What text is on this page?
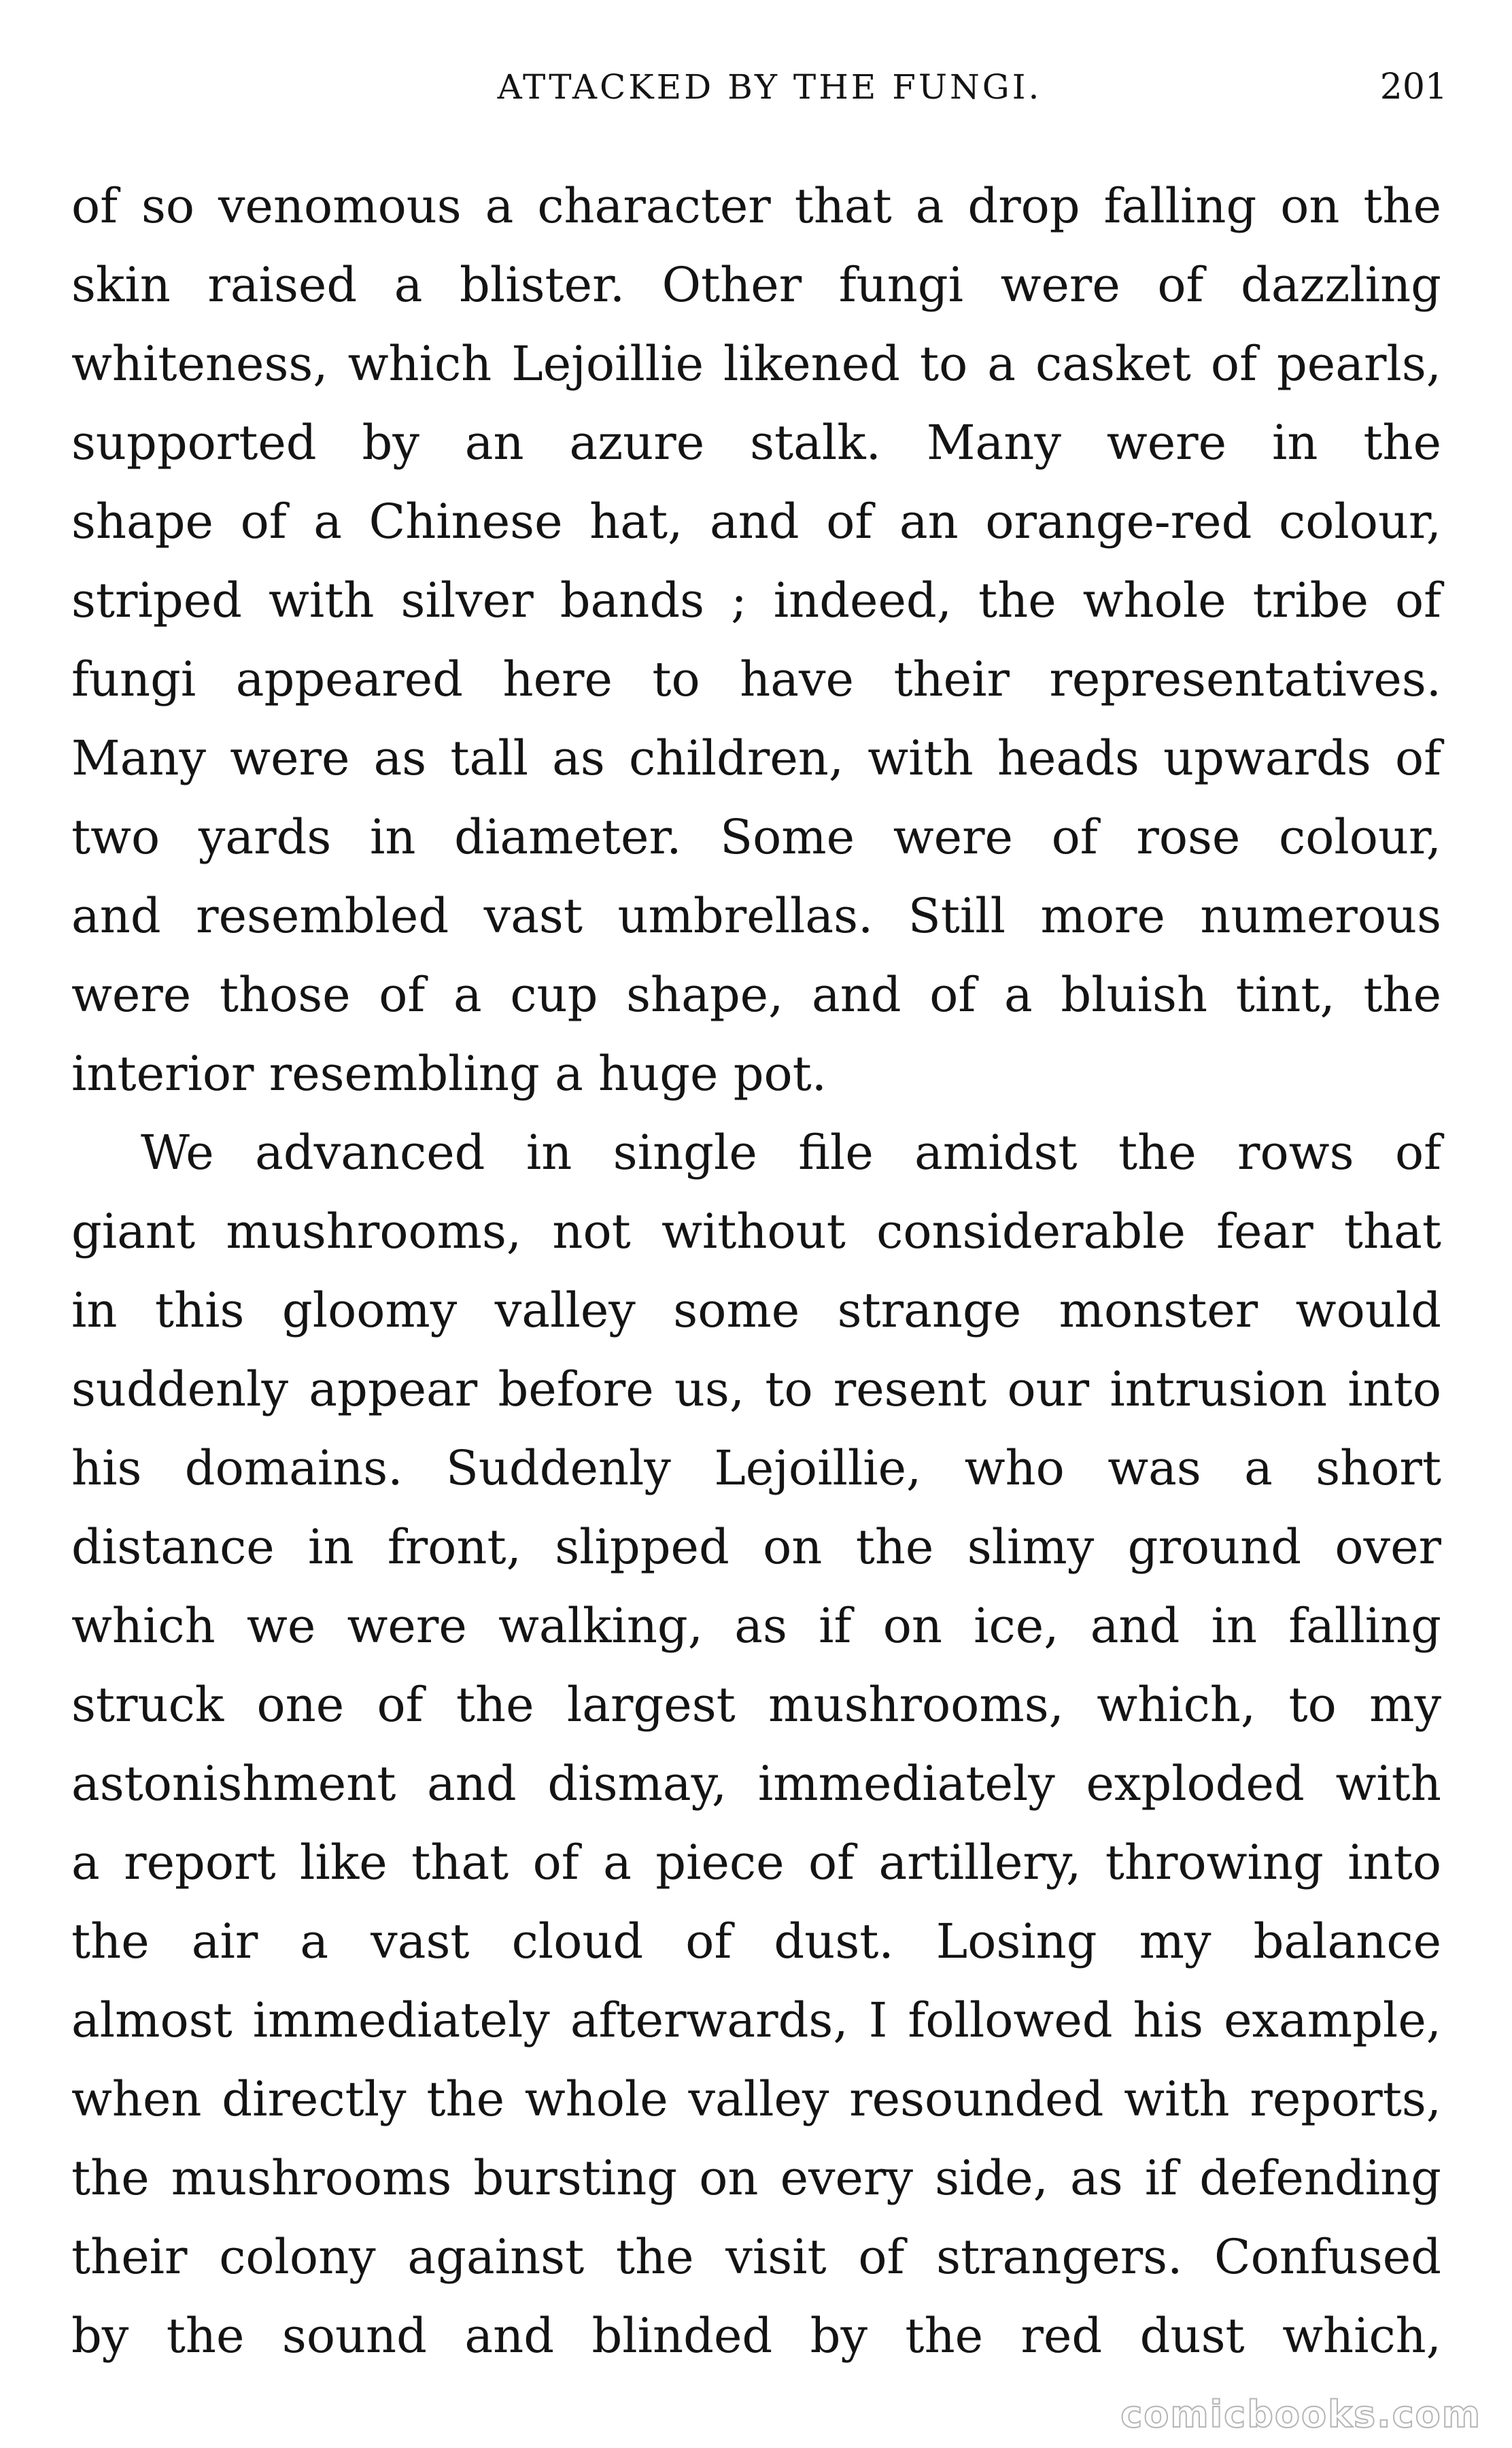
ATTACKED BY THE FUNGI.	201
of so venomous a character that a drop falling on the
skin raised a blister. Other fungi were of dazzling
whiteness, which Lejoillie likened to a casket of pearls,
supported by an azure stalk. Many were in the
shape of a Chinese hat, and of an orange-red colour,
striped with silver bands ; indeed, the whole tribe of
fungi appeared here to have their representatives.
Many were as tall as children, with heads upwards of
two yards in diameter. Some were of rose colour,
and resembled vast umbrellas. Still more numerous
were those of a cup shape, and of a bluish tint, the
interior resembling a huge pot.
We advanced in single file amidst the rows of
giant mushrooms, not without considerable fear that
in this gloomy valley some strange monster would
suddenly appear before us, to resent our intrusion into
his domains. Suddenly Lejoillie, who was a short
distance in front, slipped on the slimy ground over
which we were walking, as if on ice, and in falling
struck one of the largest mushrooms, which, to my
astonishment and dismay, immediately exploded with
a report like that of a piece of artillery, throwing into
the air a vast cloud of dust. Losing my balance
almost immediately afterwards, I followed his example,
when directly the whole valley resounded with reports,
the mushrooms bursting on every side, as if defending
their colony against the visit of strangers. Confused
by the sound and blinded by the red dust which,
comicbooks.com
